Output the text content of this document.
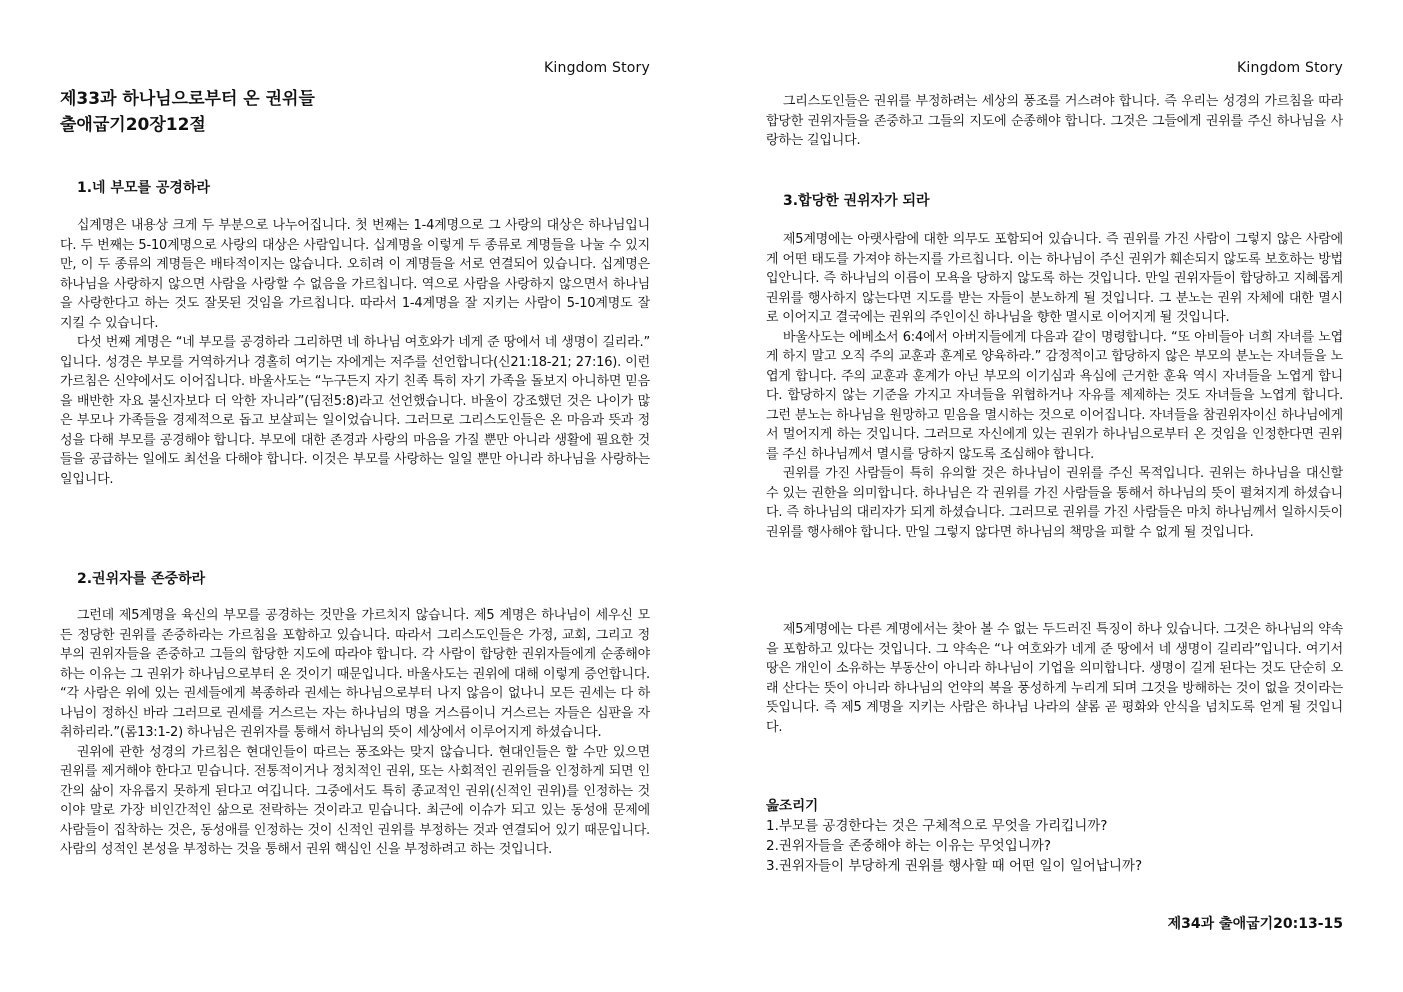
Kingdom Story
제33과 하나님으로부터 온 권위들
출애굽기20장12절
1.네 부모를 공경하라

십계명은 내용상 크게 두 부분으로 나누어집니다. 첫 번째는 1-4계명으로 그 사랑의 대상은 하나님입니다. 두 번째는 5-10계명으로 사랑의 대상은 사람입니다. 십계명을 이렇게 두 종류로 계명들을 나눌 수 있지만, 이 두 종류의 계명들은 배타적이지는 않습니다. 오히려 이 계명들을 서로 연결되어 있습니다. 십계명은 하나님을 사랑하지 않으면 사람을 사랑할 수 없음을 가르칩니다. 역으로 사람을 사랑하지 않으면서 하나님을 사랑한다고 하는 것도 잘못된 것임을 가르칩니다. 따라서 1-4계명을 잘 지키는 사람이 5-10계명도 잘 지킬 수 있습니다.

다섯 번째 계명은 “네 부모를 공경하라 그리하면 네 하나님 여호와가 네게 준 땅에서 네 생명이 길리라.” 입니다. 성경은 부모를 거역하거나 경홀히 여기는 자에게는 저주를 선언합니다(신21:18-21; 27:16). 이런 가르침은 신약에서도 이어집니다. 바울사도는 “누구든지 자기 친족 특히 자기 가족을 돌보지 아니하면 믿음을 배반한 자요 불신자보다 더 악한 자니라”(딤전5:8)라고 선언했습니다. 바울이 강조했던 것은 나이가 많은 부모나 가족들을 경제적으로 돕고 보살피는 일이었습니다. 그러므로 그리스도인들은 온 마음과 뜻과 정성을 다해 부모를 공경해야 합니다. 부모에 대한 존경과 사랑의 마음을 가질 뿐만 아니라 생활에 필요한 것들을 공급하는 일에도 최선을 다해야 합니다. 이것은 부모를 사랑하는 일일 뿐만 아니라 하나님을 사랑하는 일입니다.

2.권위자를 존중하라

그런데 제5계명을 육신의 부모를 공경하는 것만을 가르치지 않습니다. 제5 계명은 하나님이 세우신 모든 정당한 권위를 존중하라는 가르침을 포함하고 있습니다. 따라서 그리스도인들은 가정, 교회, 그리고 정부의 권위자들을 존중하고 그들의 합당한 지도에 따라야 합니다. 각 사람이 합당한 권위자들에게 순종해야 하는 이유는 그 권위가 하나님으로부터 온 것이기 때문입니다. 바울사도는 권위에 대해 이렇게 증언합니다. “각 사람은 위에 있는 권세들에게 복종하라 권세는 하나님으로부터 나지 않음이 없나니 모든 권세는 다 하나님이 정하신 바라 그러므로 권세를 거스르는 자는 하나님의 명을 거스름이니 거스르는 자들은 심판을 자취하리라.”(롬13:1-2) 하나님은 권위자를 통해서 하나님의 뜻이 세상에서 이루어지게 하셨습니다.

권위에 관한 성경의 가르침은 현대인들이 따르는 풍조와는 맞지 않습니다. 현대인들은 할 수만 있으면 권위를 제거해야 한다고 믿습니다. 전통적이거나 정치적인 권위, 또는 사회적인 권위들을 인정하게 되면 인간의 삶이 자유롭지 못하게 된다고 여깁니다. 그중에서도 특히 종교적인 권위(신적인 권위)를 인정하는 것이야 말로 가장 비인간적인 삶으로 전락하는 것이라고 믿습니다. 최근에 이슈가 되고 있는 동성애 문제에 사람들이 집착하는 것은, 동성애를 인정하는 것이 신적인 권위를 부정하는 것과 연결되어 있기 때문입니다. 사람의 성적인 본성을 부정하는 것을 통해서 권위 핵심인 신을 부정하려고 하는 것입니다.

Kingdom Story

그리스도인들은 권위를 부정하려는 세상의 풍조를 거스려야 합니다. 즉 우리는 성경의 가르침을 따라 합당한 권위자들을 존중하고 그들의 지도에 순종해야 합니다. 그것은 그들에게 권위를 주신 하나님을 사랑하는 길입니다.

3.합당한 권위자가 되라

제5계명에는 아랫사람에 대한 의무도 포함되어 있습니다. 즉 권위를 가진 사람이 그렇지 않은 사람에게 어떤 태도를 가져야 하는지를 가르칩니다. 이는 하나님이 주신 권위가 훼손되지 않도록 보호하는 방법입안니다. 즉 하나님의 이름이 모욕을 당하지 않도록 하는 것입니다. 만일 권위자들이 합당하고 지혜롭게 권위를 행사하지 않는다면 지도를 받는 자들이 분노하게 될 것입니다. 그 분노는 권위 자체에 대한 멸시로 이어지고 결국에는 권위의 주인이신 하나님을 향한 멸시로 이어지게 될 것입니다.

바울사도는 에베소서 6:4에서 아버지들에게 다음과 같이 명령합니다. “또 아비들아 너희 자녀를 노엽게 하지 말고 오직 주의 교훈과 훈계로 양육하라.” 감정적이고 합당하지 않은 부모의 분노는 자녀들을 노엽게 합니다. 주의 교훈과 훈계가 아닌 부모의 이기심과 욕심에 근거한 훈육 역시 자녀들을 노엽게 합니다. 합당하지 않는 기준을 가지고 자녀들을 위협하거나 자유를 제제하는 것도 자녀들을 노엽게 합니다. 그런 분노는 하나님을 원망하고 믿음을 멸시하는 것으로 이어집니다. 자녀들을 참권위자이신 하나님에게서 멀어지게 하는 것입니다. 그러므로 자신에게 있는 권위가 하나님으로부터 온 것임을 인정한다면 권위를 주신 하나님께서 멸시를 당하지 않도록 조심해야 합니다.

권위를 가진 사람들이 특히 유의할 것은 하나님이 권위를 주신 목적입니다. 권위는 하나님을 대신할 수 있는 권한을 의미합니다. 하나님은 각 권위를 가진 사람들을 통해서 하나님의 뜻이 펼쳐지게 하셨습니다. 즉 하나님의 대리자가 되게 하셨습니다. 그러므로 권위를 가진 사람들은 마치 하나님께서 일하시듯이 권위를 행사해야 합니다. 만일 그렇지 않다면 하나님의 책망을 피할 수 없게 될 것입니다.

제5계명에는 다른 계명에서는 찾아 볼 수 없는 두드러진 특징이 하나 있습니다. 그것은 하나님의 약속을 포함하고 있다는 것입니다. 그 약속은 “나 여호와가 네게 준 땅에서 네 생명이 길리라”입니다. 여기서 땅은 개인이 소유하는 부동산이 아니라 하나님이 기업을 의미합니다. 생명이 길게 된다는 것도 단순히 오래 산다는 뜻이 아니라 하나님의 언약의 복을 풍성하게 누리게 되며 그것을 방해하는 것이 없을 것이라는 뜻입니다. 즉 제5 계명을 지키는 사람은 하나님 나라의 샬롬 곧 평화와 안식을 넘치도록 얻게 될 것입니다.

읊조리기
1.부모를 공경한다는 것은 구체적으로 무엇을 가리킵니까?
2.권위자들을 존중해야 하는 이유는 무엇입니까?
3.권위자들이 부당하게 권위를 행사할 때 어떤 일이 일어납니까?
제34과 출애굽기20:13-15
